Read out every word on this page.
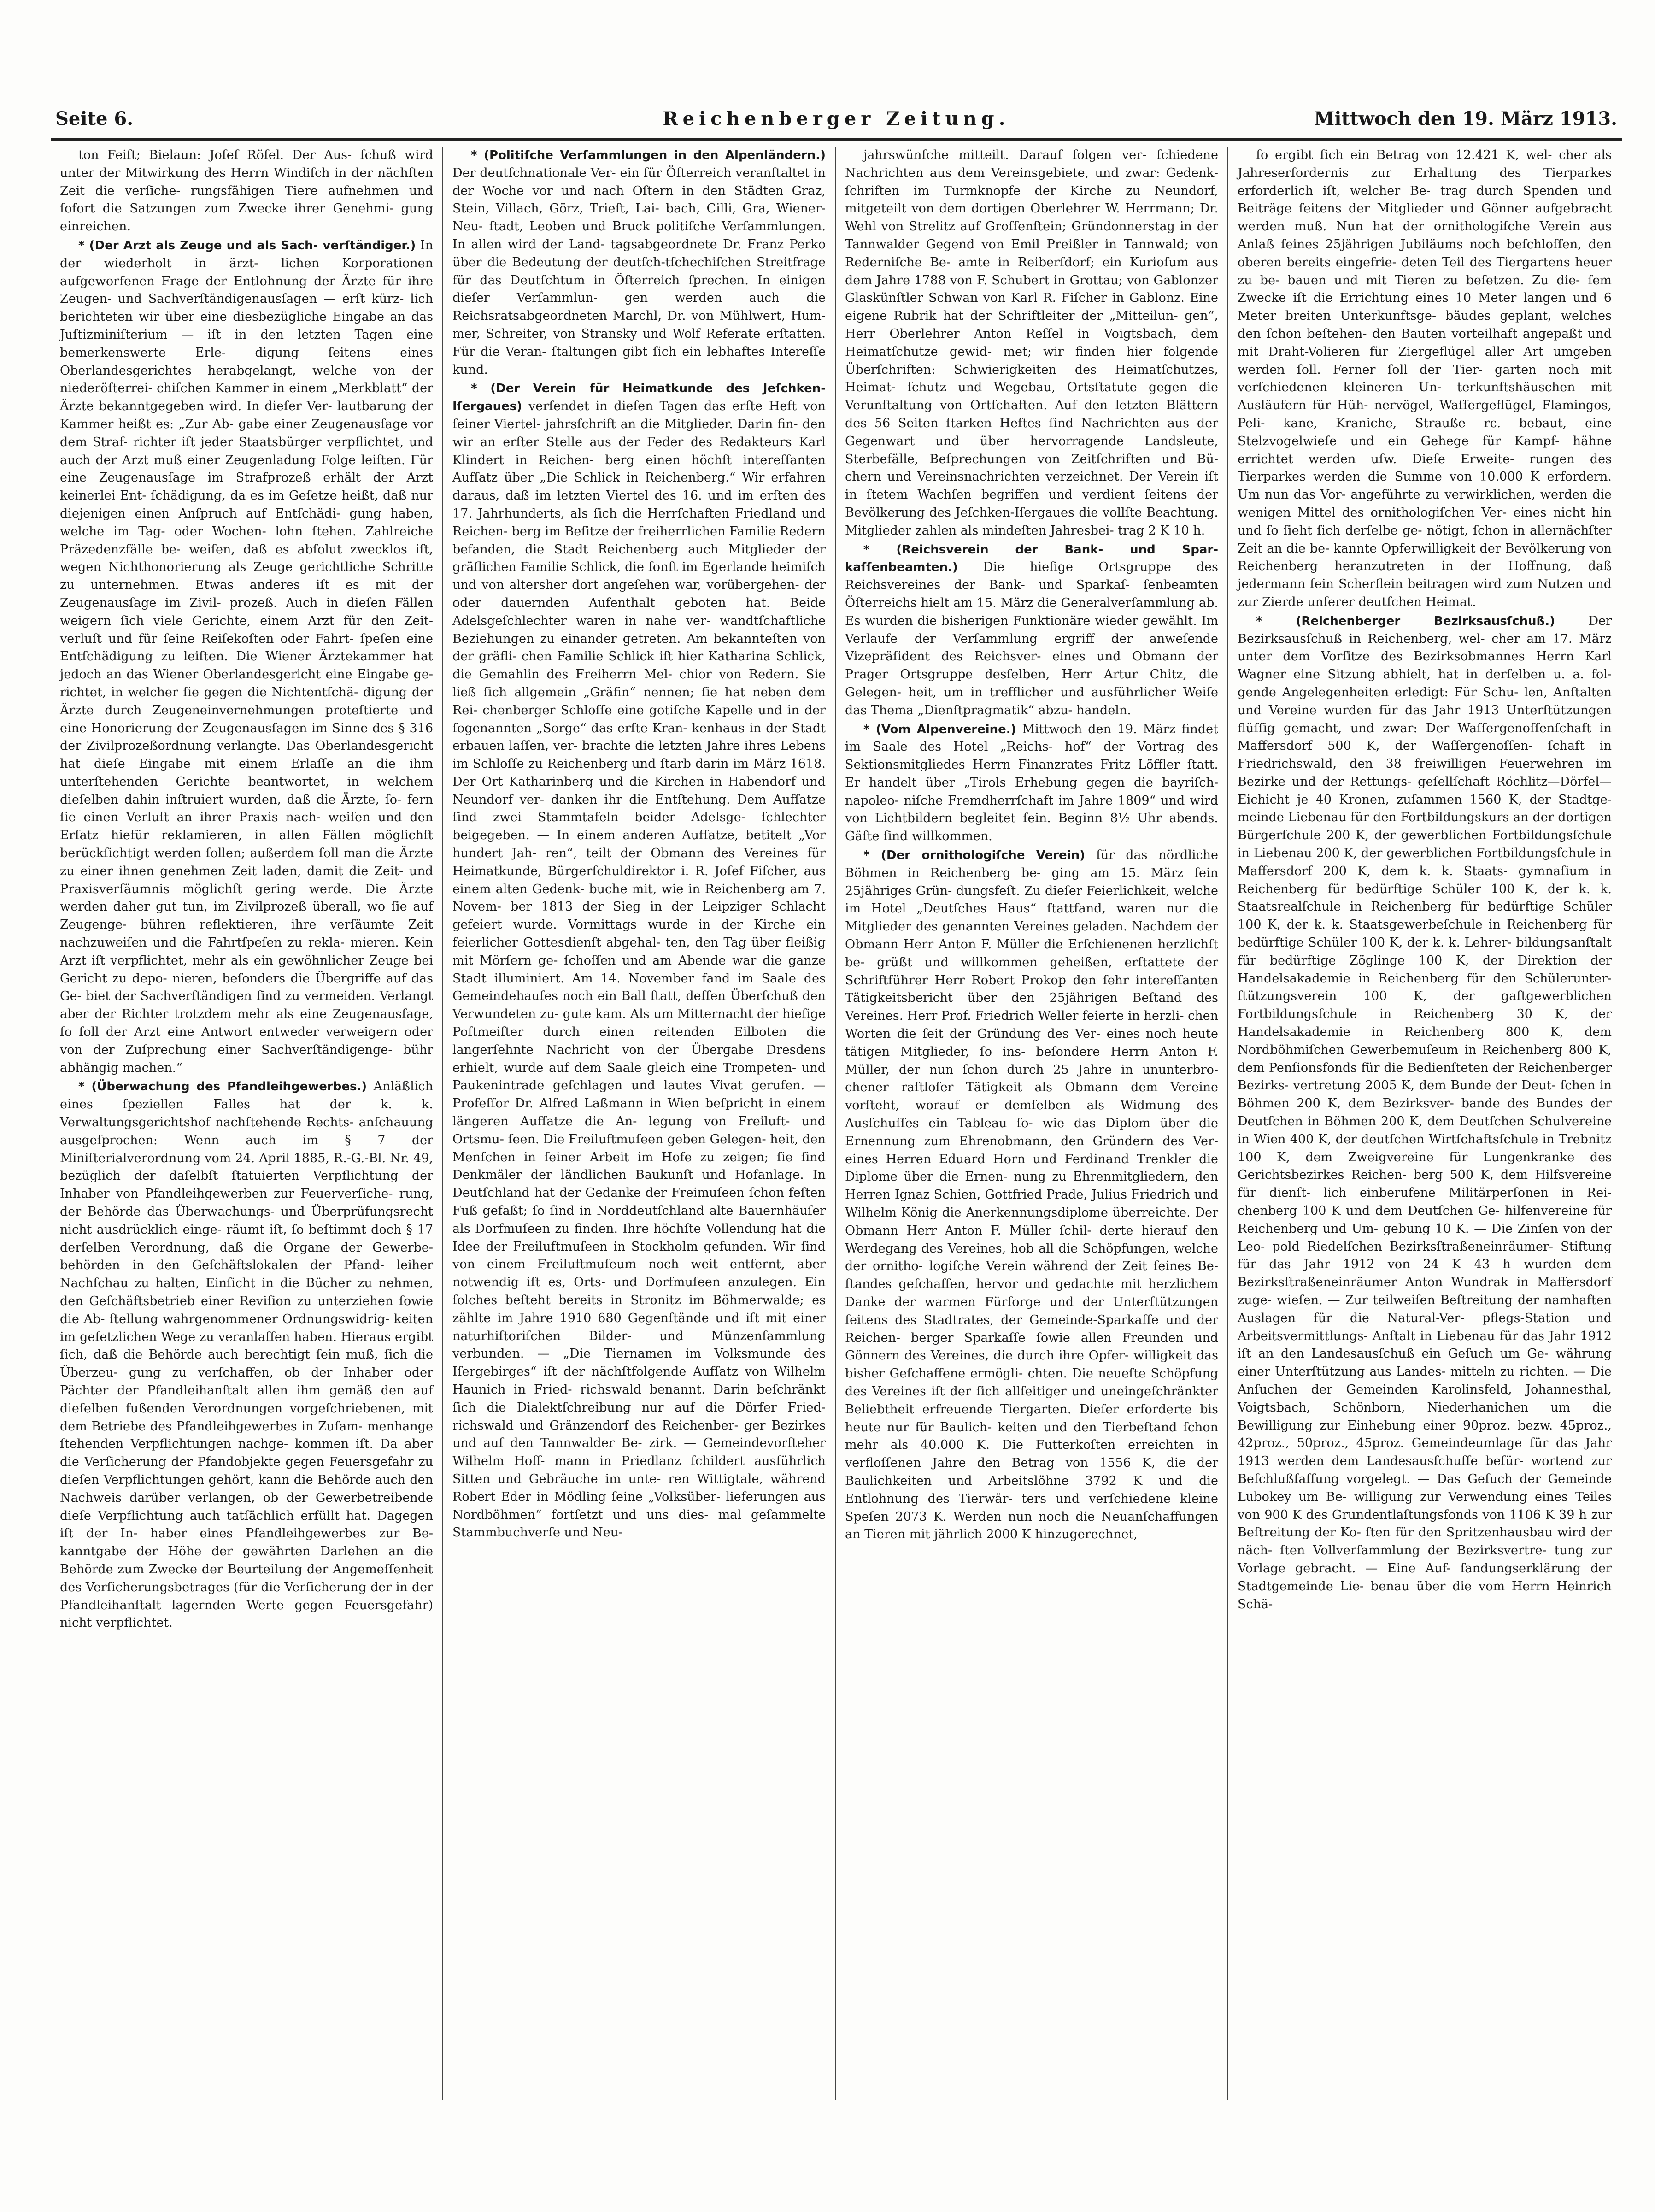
Seite 6.	Reichenberger Zeitung.	Mittwoch den 19. März 1913.

ton Feiſt; Bielaun: Joſef Röſel. Der Aus- ſchuß wird unter der Mitwirkung des Herrn Windiſch in der nächſten Zeit die verſiche- rungsfähigen Tiere aufnehmen und ſofort die Satzungen zum Zwecke ihrer Genehmi- gung einreichen.

* (Der Arzt als Zeuge und als Sach- verſtändiger.) In der wiederholt in ärzt- lichen Korporationen aufgeworfenen Frage der Entlohnung der Ärzte für ihre Zeugen- und Sachverſtändigenausſagen — erſt kürz- lich berichteten wir über eine diesbezügliche Eingabe an das Juſtizminiſterium — iſt in den letzten Tagen eine bemerkenswerte Erle- digung ſeitens eines Oberlandesgerichtes herabgelangt, welche von der niederöſterrei- chiſchen Kammer in einem „Merkblatt“ der Ärzte bekanntgegeben wird. In dieſer Ver- lautbarung der Kammer heißt es: „Zur Ab- gabe einer Zeugenausſage vor dem Straf- richter iſt jeder Staatsbürger verpflichtet, und auch der Arzt muß einer Zeugenladung Folge leiſten. Für eine Zeugenausſage im Strafprozeß erhält der Arzt keinerlei Ent- ſchädigung, da es im Geſetze heißt, daß nur diejenigen einen Anſpruch auf Entſchädi- gung haben, welche im Tag- oder Wochen- lohn ſtehen. Zahlreiche Präzedenzfälle be- weiſen, daß es abſolut zwecklos iſt, wegen Nichthonorierung als Zeuge gerichtliche Schritte zu unternehmen. Etwas anderes iſt es mit der Zeugenausſage im Zivil- prozeß. Auch in dieſen Fällen weigern ſich viele Gerichte, einem Arzt für den Zeit- verluſt und für ſeine Reiſekoſten oder Fahrt- ſpeſen eine Entſchädigung zu leiſten. Die Wiener Ärztekammer hat jedoch an das Wiener Oberlandesgericht eine Eingabe ge- richtet, in welcher ſie gegen die Nichtentſchä- digung der Ärzte durch Zeugeneinvernehmungen proteſtierte und eine Honorierung der Zeugenausſagen im Sinne des § 316 der Zivilprozeßordnung verlangte. Das Oberlandesgericht hat dieſe Eingabe mit einem Erlaſſe an die ihm unterſtehenden Gerichte beantwortet, in welchem dieſelben dahin inſtruiert wurden, daß die Ärzte, ſo- fern ſie einen Verluſt an ihrer Praxis nach- weiſen und den Erſatz hiefür reklamieren, in allen Fällen möglichſt berückſichtigt werden ſollen; außerdem ſoll man die Ärzte zu einer ihnen genehmen Zeit laden, damit die Zeit- und Praxisverſäumnis möglichſt gering werde. Die Ärzte werden daher gut tun, im Zivilprozeß überall, wo ſie auf Zeugenge- bühren reflektieren, ihre verſäumte Zeit nachzuweiſen und die Fahrtſpeſen zu rekla- mieren. Kein Arzt iſt verpflichtet, mehr als ein gewöhnlicher Zeuge bei Gericht zu depo- nieren, beſonders die Übergriffe auf das Ge- biet der Sachverſtändigen ſind zu vermeiden. Verlangt aber der Richter trotzdem mehr als eine Zeugenausſage, ſo ſoll der Arzt eine Antwort entweder verweigern oder von der Zuſprechung einer Sachverſtändigenge- bühr abhängig machen.“

* (Überwachung des Pfandleihgewerbes.) Anläßlich eines ſpeziellen Falles hat der k. k. Verwaltungsgerichtshof nachſtehende Rechts- anſchauung ausgeſprochen: Wenn auch im § 7 der Miniſterialverordnung vom 24. April 1885, R.-G.-Bl. Nr. 49, bezüglich der daſelbſt ſtatuierten Verpflichtung der Inhaber von Pfandleihgewerben zur Feuerverſiche- rung, der Behörde das Überwachungs- und Überprüfungsrecht nicht ausdrücklich einge- räumt iſt, ſo beſtimmt doch § 17 derſelben Verordnung, daß die Organe der Gewerbe- behörden in den Geſchäftslokalen der Pfand- leiher Nachſchau zu halten, Einſicht in die Bücher zu nehmen, den Geſchäftsbetrieb einer Reviſion zu unterziehen ſowie die Ab- ſtellung wahrgenommener Ordnungswidrig- keiten im geſetzlichen Wege zu veranlaſſen haben. Hieraus ergibt ſich, daß die Behörde auch berechtigt ſein muß, ſich die Überzeu- gung zu verſchaffen, ob der Inhaber oder Pächter der Pfandleihanſtalt allen ihm gemäß den auf dieſelben fußenden Verordnungen vorgeſchriebenen, mit dem Betriebe des Pfandleihgewerbes in Zuſam- menhange ſtehenden Verpflichtungen nachge- kommen iſt. Da aber die Verſicherung der Pfandobjekte gegen Feuersgefahr zu dieſen Verpflichtungen gehört, kann die Behörde auch den Nachweis darüber verlangen, ob der Gewerbetreibende dieſe Verpflichtung auch tatſächlich erfüllt hat. Dagegen iſt der In- haber eines Pfandleihgewerbes zur Be- kanntgabe der Höhe der gewährten Darlehen an die Behörde zum Zwecke der Beurteilung der Angemeſſenheit des Verſicherungsbetrages (für die Verſicherung der in der Pfandleihanſtalt lagernden Werte gegen Feuersgefahr) nicht verpflichtet.

* (Politiſche Verſammlungen in den Alpenländern.) Der deutſchnationale Ver- ein für Öſterreich veranſtaltet in der Woche vor und nach Oſtern in den Städten Graz, Stein, Villach, Görz, Trieſt, Lai- bach, Cilli, Gra, Wiener-Neu- ſtadt, Leoben und Bruck politiſche Verſammlungen. In allen wird der Land- tagsabgeordnete Dr. Franz Perko über die Bedeutung der deutſch-tſchechiſchen Streitfrage für das Deutſchtum in Öſterreich ſprechen. In einigen dieſer Verſammlun- gen werden auch die Reichsratsabgeordneten Marchl, Dr. von Mühlwert, Hum- mer, Schreiter, von Stransky und Wolf Referate erſtatten. Für die Veran- ſtaltungen gibt ſich ein lebhaftes Intereſſe kund.

* (Der Verein für Heimatkunde des Jeſchken-Iſergaues) verſendet in dieſen Tagen das erſte Heft von ſeiner Viertel- jahrsſchrift an die Mitglieder. Darin fin- den wir an erſter Stelle aus der Feder des Redakteurs Karl Klindert in Reichen- berg einen höchſt intereſſanten Aufſatz über „Die Schlick in Reichenberg.“ Wir erfahren daraus, daß im letzten Viertel des 16. und im erſten des 17. Jahrhunderts, als ſich die Herrſchaften Friedland und Reichen- berg im Beſitze der freiherrlichen Familie Redern befanden, die Stadt Reichenberg auch Mitglieder der gräflichen Familie Schlick, die ſonſt im Egerlande heimiſch und von altersher dort angeſehen war, vorübergehen- der oder dauernden Aufenthalt geboten hat. Beide Adelsgeſchlechter waren in nahe ver- wandtſchaftliche Beziehungen zu einander getreten. Am bekannteſten von der gräfli- chen Familie Schlick iſt hier Katharina Schlick, die Gemahlin des Freiherrn Mel- chior von Redern. Sie ließ ſich allgemein „Gräfin“ nennen; ſie hat neben dem Rei- chenberger Schloſſe eine gotiſche Kapelle und in der ſogenannten „Sorge“ das erſte Kran- kenhaus in der Stadt erbauen laſſen, ver- brachte die letzten Jahre ihres Lebens im Schloſſe zu Reichenberg und ſtarb darin im März 1618. Der Ort Katharinberg und die Kirchen in Habendorf und Neundorf ver- danken ihr die Entſtehung. Dem Aufſatze ſind zwei Stammtafeln beider Adelsge- ſchlechter beigegeben. — In einem anderen Aufſatze, betitelt „Vor hundert Jah- ren“, teilt der Obmann des Vereines für Heimatkunde, Bürgerſchuldirektor i. R. Joſef Fiſcher, aus einem alten Gedenk- buche mit, wie in Reichenberg am 7. Novem- ber 1813 der Sieg in der Leipziger Schlacht gefeiert wurde. Vormittags wurde in der Kirche ein feierlicher Gottesdienſt abgehal- ten, den Tag über fleißig mit Mörſern ge- ſchoſſen und am Abende war die ganze Stadt illuminiert. Am 14. November fand im Saale des Gemeindehauſes noch ein Ball ſtatt, deſſen Überſchuß den Verwundeten zu- gute kam. Als um Mitternacht der hieſige Poſtmeiſter durch einen reitenden Eilboten die langerſehnte Nachricht von der Übergabe Dresdens erhielt, wurde auf dem Saale gleich eine Trompeten- und Paukenintrade geſchlagen und lautes Vivat gerufen. — Profeſſor Dr. Alfred Laßmann in Wien beſpricht in einem längeren Aufſatze die An- legung von Freiluft- und Ortsmu- ſeen. Die Freiluftmuſeen geben Gelegen- heit, den Menſchen in ſeiner Arbeit im Hofe zu zeigen; ſie ſind Denkmäler der ländlichen Baukunſt und Hofanlage. In Deutſchland hat der Gedanke der Freimuſeen ſchon feſten Fuß gefaßt; ſo ſind in Norddeutſchland alte Bauernhäuſer als Dorfmuſeen zu finden. Ihre höchſte Vollendung hat die Idee der Freiluftmuſeen in Stockholm gefunden. Wir ſind von einem Freiluftmuſeum noch weit entfernt, aber notwendig iſt es, Orts- und Dorfmuſeen anzulegen. Ein ſolches beſteht bereits in Stronitz im Böhmerwalde; es zählte im Jahre 1910 680 Gegenſtände und iſt mit einer naturhiſtoriſchen Bilder- und Münzenſammlung verbunden. — „Die Tiernamen im Volksmunde des Iſergebirges“ iſt der nächſtfolgende Aufſatz von Wilhelm Haunich in Fried- richswald benannt. Darin beſchränkt ſich die Dialektſchreibung nur auf die Dörfer Fried- richswald und Gränzendorf des Reichenber- ger Bezirkes und auf den Tannwalder Be- zirk. — Gemeindevorſteher Wilhelm Hoff- mann in Priedlanz ſchildert ausführlich Sitten und Gebräuche im unte- ren Wittigtale, während Robert Eder in Mödling ſeine „Volksüber- lieferungen aus Nordböhmen“ fortſetzt und uns dies- mal geſammelte Stammbuchverſe und Neu-

jahrswünſche mitteilt. Darauf folgen ver- ſchiedene Nachrichten aus dem Vereinsgebiete, und zwar: Gedenk- ſchriften im Turmknopfe der Kirche zu Neundorf, mitgeteilt von dem dortigen Oberlehrer W. Herrmann; Dr. Wehl von Strelitz auf Groſſenſtein; Gründonnerstag in der Tannwalder Gegend von Emil Preißler in Tannwald; von Rederniſche Be- amte in Reiberſdorf; ein Kurioſum aus dem Jahre 1788 von F. Schubert in Grottau; von Gablonzer Glaskünſtler Schwan von Karl R. Fiſcher in Gablonz. Eine eigene Rubrik hat der Schriftleiter der „Mitteilun- gen“, Herr Oberlehrer Anton Reſſel in Voigtsbach, dem Heimatſchutze gewid- met; wir finden hier folgende Überſchriften: Schwierigkeiten des Heimatſchutzes, Heimat- ſchutz und Wegebau, Ortsſtatute gegen die Verunſtaltung von Ortſchaften. Auf den letzten Blättern des 56 Seiten ſtarken Heftes ſind Nachrichten aus der Gegenwart und über hervorragende Landsleute, Sterbefälle, Beſprechungen von Zeitſchriften und Bü- chern und Vereinsnachrichten verzeichnet. Der Verein iſt in ſtetem Wachſen begriffen und verdient ſeitens der Bevölkerung des Jeſchken-Iſergaues die vollſte Beachtung. Mitglieder zahlen als mindeſten Jahresbei- trag 2 K 10 h.

* (Reichsverein der Bank- und Spar- kaſſenbeamten.) Die hieſige Ortsgruppe des Reichsvereines der Bank- und Sparkaſ- ſenbeamten Öſterreichs hielt am 15. März die Generalverſammlung ab. Es wurden die bisherigen Funktionäre wieder gewählt. Im Verlaufe der Verſammlung ergriff der anweſende Vizepräſident des Reichsver- eines und Obmann der Prager Ortsgruppe desſelben, Herr Artur Chitz, die Gelegen- heit, um in trefflicher und ausführlicher Weiſe das Thema „Dienſtpragmatik“ abzu- handeln.

* (Vom Alpenvereine.) Mittwoch den 19. März findet im Saale des Hotel „Reichs- hof“ der Vortrag des Sektionsmitgliedes Herrn Finanzrates Fritz Löffler ſtatt. Er handelt über „Tirols Erhebung gegen die bayriſch-napoleo- niſche Fremdherrſchaft im Jahre 1809“ und wird von Lichtbildern begleitet ſein. Beginn 8½ Uhr abends. Gäſte ſind willkommen.

* (Der ornithologiſche Verein) für das nördliche Böhmen in Reichenberg be- ging am 15. März ſein 25jähriges Grün- dungsfeſt. Zu dieſer Feierlichkeit, welche im Hotel „Deutſches Haus“ ſtattfand, waren nur die Mitglieder des genannten Vereines geladen. Nachdem der Obmann Herr Anton F. Müller die Erſchienenen herzlichſt be- grüßt und willkommen geheißen, erſtattete der Schriftführer Herr Robert Prokop den ſehr intereſſanten Tätigkeitsbericht über den 25jährigen Beſtand des Vereines. Herr Prof. Friedrich Weller feierte in herzli- chen Worten die ſeit der Gründung des Ver- eines noch heute tätigen Mitglieder, ſo ins- beſondere Herrn Anton F. Müller, der nun ſchon durch 25 Jahre in ununterbro- chener raſtloſer Tätigkeit als Obmann dem Vereine vorſteht, worauf er demſelben als Widmung des Ausſchuſſes ein Tableau ſo- wie das Diplom über die Ernennung zum Ehrenobmann, den Gründern des Ver- eines Herren Eduard Horn und Ferdinand Trenkler die Diplome über die Ernen- nung zu Ehrenmitgliedern, den Herren Ignaz Schien, Gottfried Prade, Julius Friedrich und Wilhelm König die Anerkennungsdiplome überreichte. Der Obmann Herr Anton F. Müller ſchil- derte hierauf den Werdegang des Vereines, hob all die Schöpfungen, welche der ornitho- logiſche Verein während der Zeit ſeines Be- ſtandes geſchaffen, hervor und gedachte mit herzlichem Danke der warmen Fürſorge und der Unterſtützungen ſeitens des Stadtrates, der Gemeinde-Sparkaſſe und der Reichen- berger Sparkaſſe ſowie allen Freunden und Gönnern des Vereines, die durch ihre Opfer- willigkeit das bisher Geſchaffene ermögli- chten. Die neueſte Schöpfung des Vereines iſt der ſich allſeitiger und uneingeſchränkter Beliebtheit erfreuende Tiergarten. Dieſer erforderte bis heute nur für Baulich- keiten und den Tierbeſtand ſchon mehr als 40.000 K. Die Futterkoſten erreichten in verfloſſenen Jahre den Betrag von 1556 K, die der Baulichkeiten und Arbeitslöhne 3792 K und die Entlohnung des Tierwär- ters und verſchiedene kleine Speſen 2073 K. Werden nun noch die Neuanſchaffungen an Tieren mit jährlich 2000 K hinzugerechnet,

ſo ergibt ſich ein Betrag von 12.421 K, wel- cher als Jahreserfordernis zur Erhaltung des Tierparkes erforderlich iſt, welcher Be- trag durch Spenden und Beiträge ſeitens der Mitglieder und Gönner aufgebracht werden muß. Nun hat der ornithologiſche Verein aus Anlaß ſeines 25jährigen Jubiläums noch beſchloſſen, den oberen bereits eingefrie- deten Teil des Tiergartens heuer zu be- bauen und mit Tieren zu beſetzen. Zu die- ſem Zwecke iſt die Errichtung eines 10 Meter langen und 6 Meter breiten Unterkunftsge- bäudes geplant, welches den ſchon beſtehen- den Bauten vorteilhaft angepaßt und mit Draht-Volieren für Ziergeflügel aller Art umgeben werden ſoll. Ferner ſoll der Tier- garten noch mit verſchiedenen kleineren Un- terkunftshäuschen mit Ausläufern für Hüh- nervögel, Waſſergeflügel, Flamingos, Peli- kane, Kraniche, Strauße rc. bebaut, eine Stelzvogelwieſe und ein Gehege für Kampf- hähne errichtet werden uſw. Dieſe Erweite- rungen des Tierparkes werden die Summe von 10.000 K erfordern. Um nun das Vor- angeführte zu verwirklichen, werden die wenigen Mittel des ornithologiſchen Ver- eines nicht hin und ſo ſieht ſich derſelbe ge- nötigt, ſchon in allernächſter Zeit an die be- kannte Opferwilligkeit der Bevölkerung von Reichenberg heranzutreten in der Hoffnung, daß jedermann ſein Scherflein beitragen wird zum Nutzen und zur Zierde unſerer deutſchen Heimat.

* (Reichenberger Bezirksausſchuß.)	Der Bezirksausſchuß in Reichenberg, wel- cher am 17. März unter dem Vorſitze des Bezirksobmannes Herrn Karl Wagner eine Sitzung abhielt, hat in derſelben u. a. fol- gende Angelegenheiten erledigt: Für Schu- len, Anſtalten und Vereine wurden für das Jahr 1913 Unterſtützungen flüſſig gemacht, und zwar: Der Waſſergenoſſenſchaft in Maffersdorf 500 K, der Waſſergenoſſen- ſchaft in Friedrichswald, den 38 freiwilligen Feuerwehren im Bezirke und der Rettungs- geſellſchaft Röchlitz—Dörfel—Eichicht je 40 Kronen, zuſammen 1560 K, der Stadtge- meinde Liebenau für den Fortbildungskurs an der dortigen Bürgerſchule 200 K, der gewerblichen Fortbildungsſchule in Liebenau 200 K, der gewerblichen Fortbildungsſchule in Maffersdorf 200 K, dem k. k. Staats- gymnaſium in Reichenberg für bedürftige Schüler 100 K, der k. k. Staatsrealſchule in Reichenberg für bedürftige Schüler 100 K, der k. k. Staatsgewerbeſchule in Reichenberg für bedürftige Schüler 100 K, der k. k. Lehrer- bildungsanſtalt für bedürftige Zöglinge 100 K, der Direktion der Handelsakademie in Reichenberg für den Schülerunter- ſtützungsverein 100 K, der gaſtgewerblichen Fortbildungsſchule in Reichenberg 30 K, der Handelsakademie in Reichenberg 800 K, dem Nordböhmiſchen Gewerbemuſeum in Reichenberg 800 K, dem Penſionsfonds für die Bedienſteten der Reichenberger Bezirks- vertretung 2005 K, dem Bunde der Deut- ſchen in Böhmen 200 K, dem Bezirksver- bande des Bundes der Deutſchen in Böhmen 200 K, dem Deutſchen Schulvereine in Wien 400 K, der deutſchen Wirtſchaftsſchule in Trebnitz 100 K, dem Zweigvereine für Lungenkranke des Gerichtsbezirkes Reichen- berg 500 K, dem Hilfsvereine für dienſt- lich einberufene Militärperſonen in Rei- chenberg 100 K und dem Deutſchen Ge- hilfenvereine für Reichenberg und Um- gebung 10 K. — Die Zinſen von der Leo- pold Riedelſchen Bezirksſtraßeneinräumer- Stiftung für das Jahr 1912 von 24 K 43 h wurden dem Bezirksſtraßeneinräumer Anton Wundrak in Maffersdorf zuge- wieſen. — Zur teilweiſen Beſtreitung der namhaften Auslagen für die Natural-Ver- pflegs-Station und Arbeitsvermittlungs- Anſtalt in Liebenau für das Jahr 1912 iſt an den Landesausſchuß ein Geſuch um Ge- währung einer Unterſtützung aus Landes- mitteln zu richten. — Die Anſuchen der Gemeinden Karolinsfeld, Johannesthal, Voigtsbach, Schönborn, Niederhanichen um die Bewilligung zur Einhebung einer 90proz. bezw. 45proz., 42proz., 50proz., 45proz. Gemeindeumlage für das Jahr 1913 werden dem Landesausſchuſſe befür- wortend zur Beſchlußfaſſung vorgelegt. — Das Geſuch der Gemeinde Lubokey um Be- willigung zur Verwendung eines Teiles von 900 K des Grundentlaſtungsfonds von 1106 K 39 h zur Beſtreitung der Ko- ſten für den Spritzenhausbau wird der näch- ſten Vollverſammlung der Bezirksvertre- tung zur Vorlage gebracht. — Eine Auf- ſandungserklärung der Stadtgemeinde Lie- benau über die vom Herrn Heinrich Schä-
